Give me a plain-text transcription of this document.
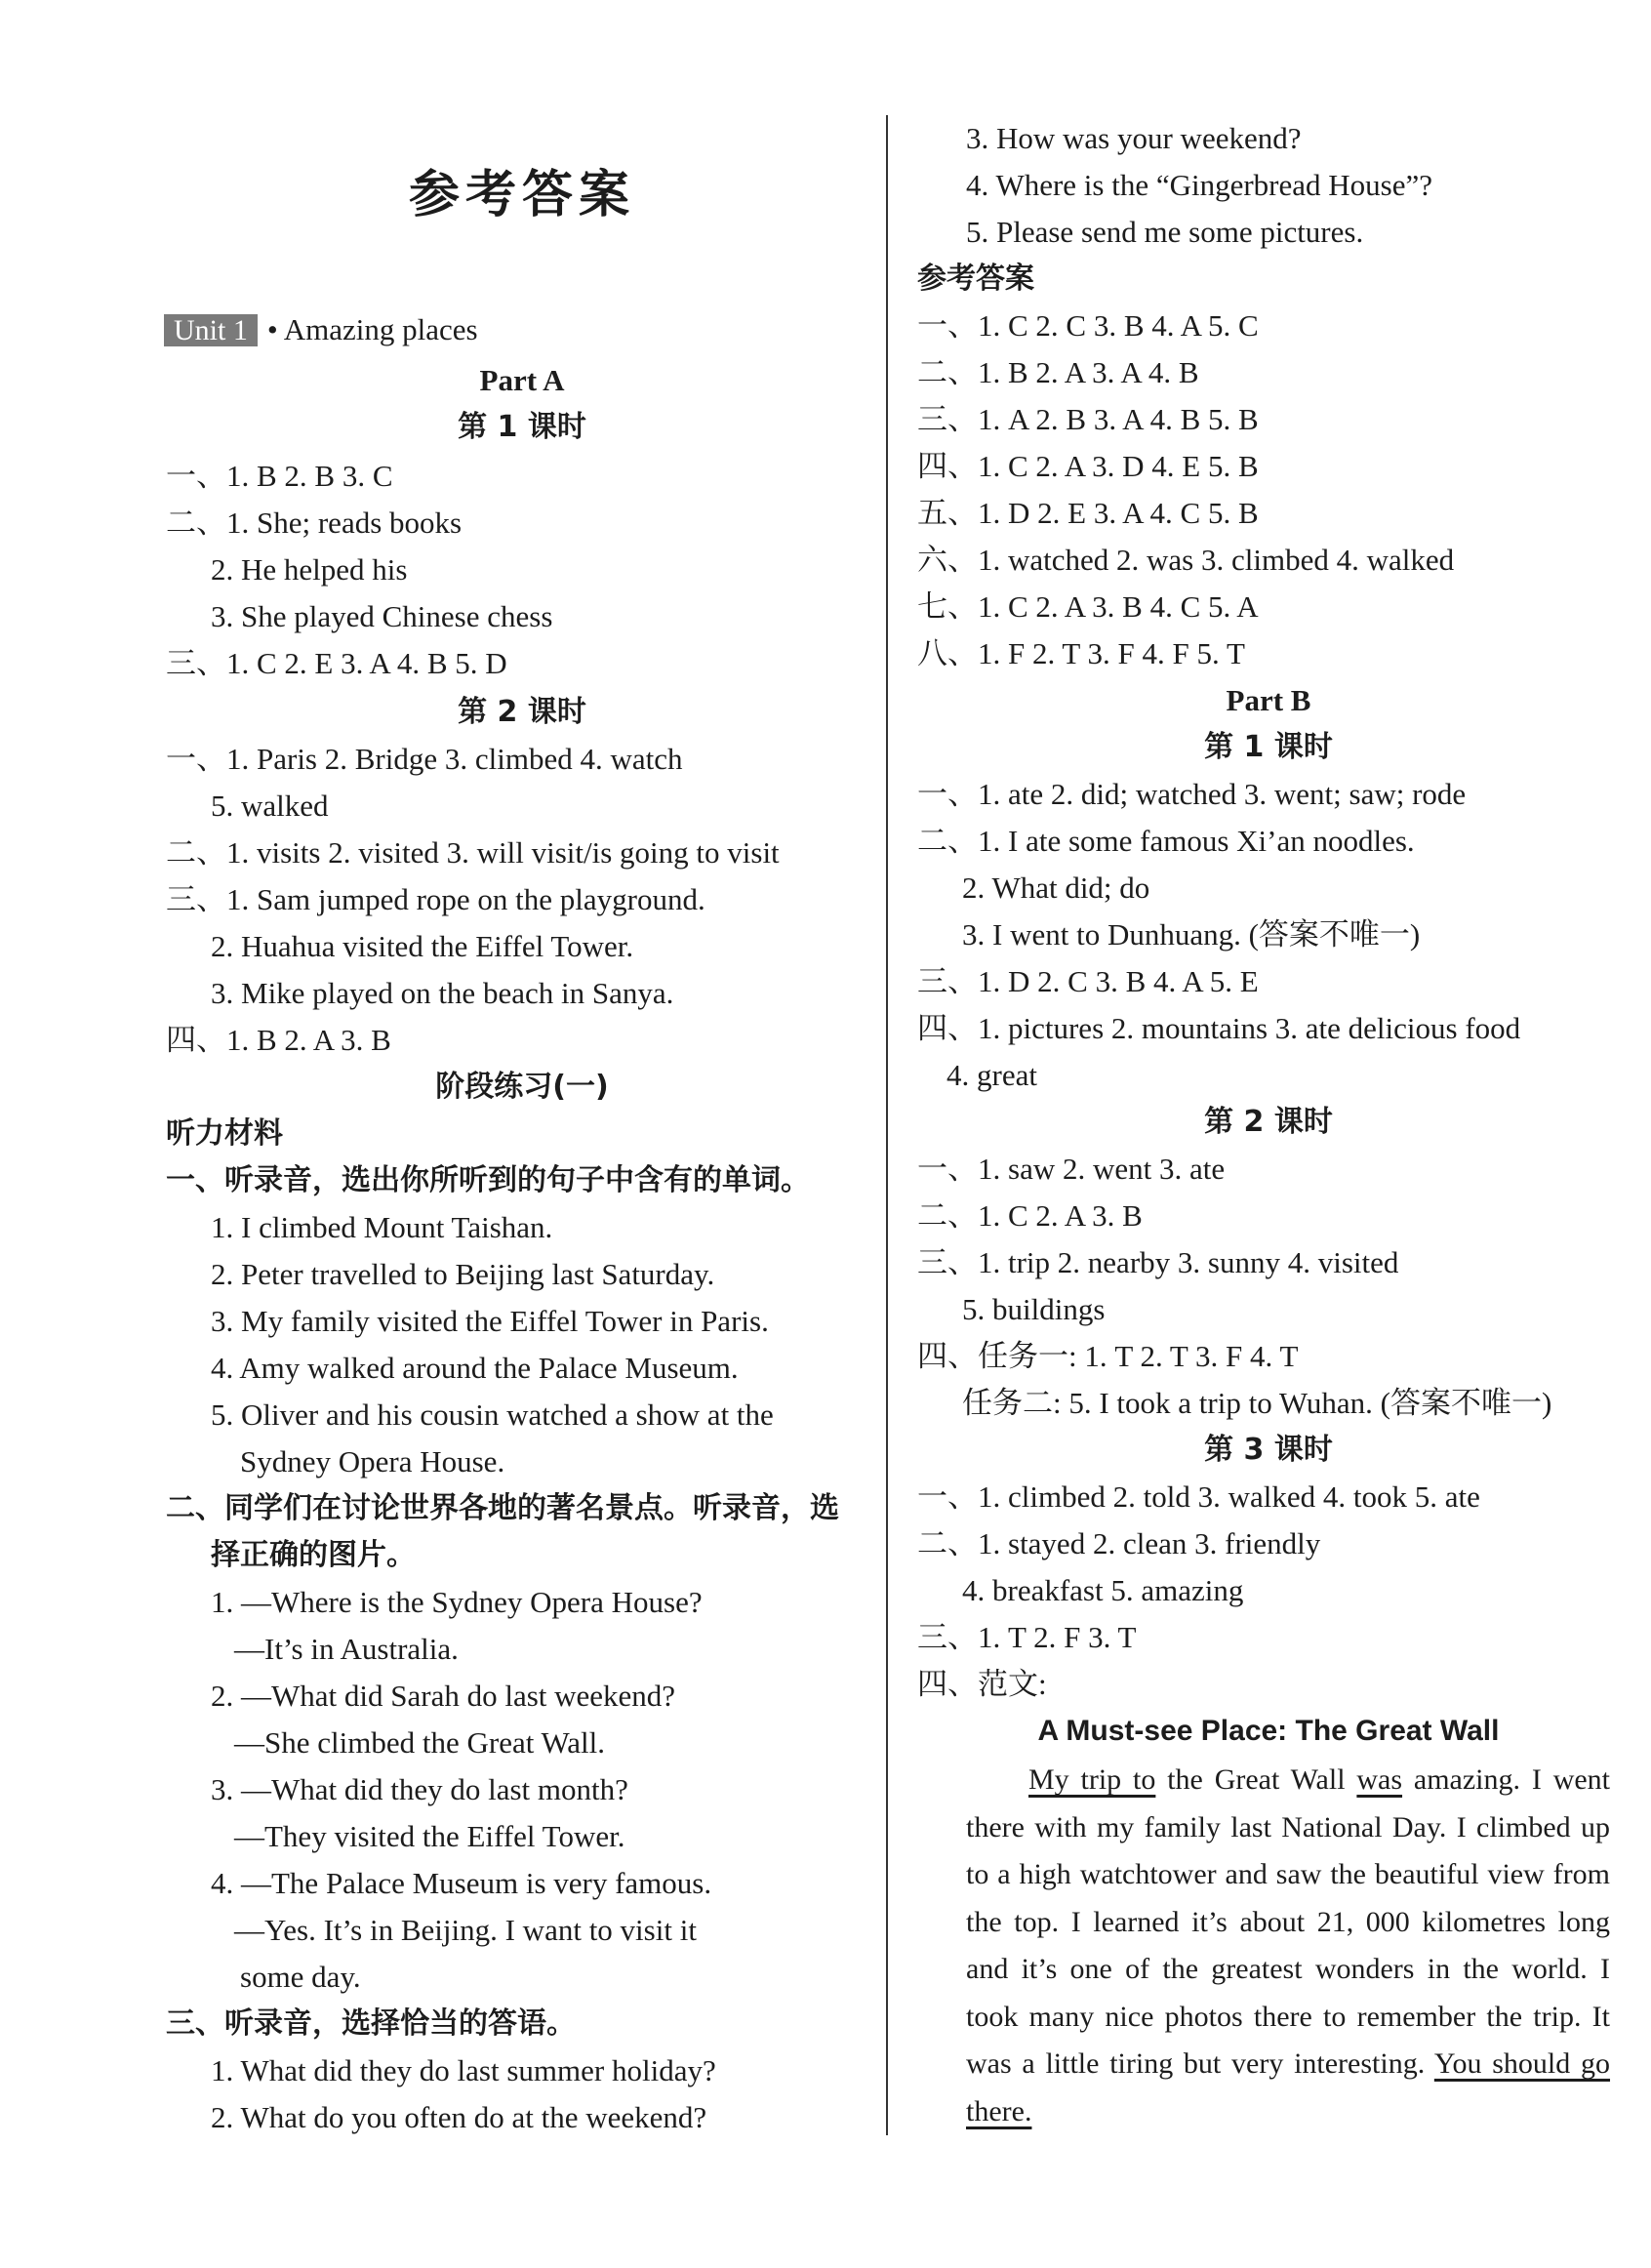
参考答案
Unit 1 • Amazing places
Part A
第 1 课时
一、1. B 2. B 3. C
二、1. She; reads books
2. He helped his
3. She played Chinese chess
三、1. C 2. E 3. A 4. B 5. D
第 2 课时
一、1. Paris 2. Bridge 3. climbed 4. watch
5. walked
二、1. visits 2. visited 3. will visit/is going to visit
三、1. Sam jumped rope on the playground.
2. Huahua visited the Eiffel Tower.
3. Mike played on the beach in Sanya.
四、1. B 2. A 3. B
阶段练习(一)
听力材料
一、听录音，选出你所听到的句子中含有的单词。
1. I climbed Mount Taishan.
2. Peter travelled to Beijing last Saturday.
3. My family visited the Eiffel Tower in Paris.
4. Amy walked around the Palace Museum.
5. Oliver and his cousin watched a show at the
Sydney Opera House.
二、同学们在讨论世界各地的著名景点。听录音，选
择正确的图片。
1. —Where is the Sydney Opera House?
—It’s in Australia.
2. —What did Sarah do last weekend?
—She climbed the Great Wall.
3. —What did they do last month?
—They visited the Eiffel Tower.
4. —The Palace Museum is very famous.
—Yes. It’s in Beijing. I want to visit it
some day.
三、听录音，选择恰当的答语。
1. What did they do last summer holiday?
2. What do you often do at the weekend?
3. How was your weekend?
4. Where is the “Gingerbread House”?
5. Please send me some pictures.
参考答案
一、1. C 2. C 3. B 4. A 5. C
二、1. B 2. A 3. A 4. B
三、1. A 2. B 3. A 4. B 5. B
四、1. C 2. A 3. D 4. E 5. B
五、1. D 2. E 3. A 4. C 5. B
六、1. watched 2. was 3. climbed 4. walked
七、1. C 2. A 3. B 4. C 5. A
八、1. F 2. T 3. F 4. F 5. T
Part B
第 1 课时
一、1. ate 2. did; watched 3. went; saw; rode
二、1. I ate some famous Xi’an noodles.
2. What did; do
3. I went to Dunhuang. (答案不唯一)
三、1. D 2. C 3. B 4. A 5. E
四、1. pictures 2. mountains 3. ate delicious food
4. great
第 2 课时
一、1. saw 2. went 3. ate
二、1. C 2. A 3. B
三、1. trip 2. nearby 3. sunny 4. visited
5. buildings
四、任务一: 1. T 2. T 3. F 4. T
任务二: 5. I took a trip to Wuhan. (答案不唯一)
第 3 课时
一、1. climbed 2. told 3. walked 4. took 5. ate
二、1. stayed 2. clean 3. friendly
4. breakfast 5. amazing
三、1. T 2. F 3. T
四、范文:
A Must-see Place: The Great Wall
My trip to the Great Wall was amazing. I went there with my family last National Day. I climbed up to a high watchtower and saw the beautiful view from the top. I learned it’s about 21, 000 kilometres long and it’s one of the greatest wonders in the world. I took many nice photos there to remember the trip. It was a little tiring but very interesting. You should go there.
